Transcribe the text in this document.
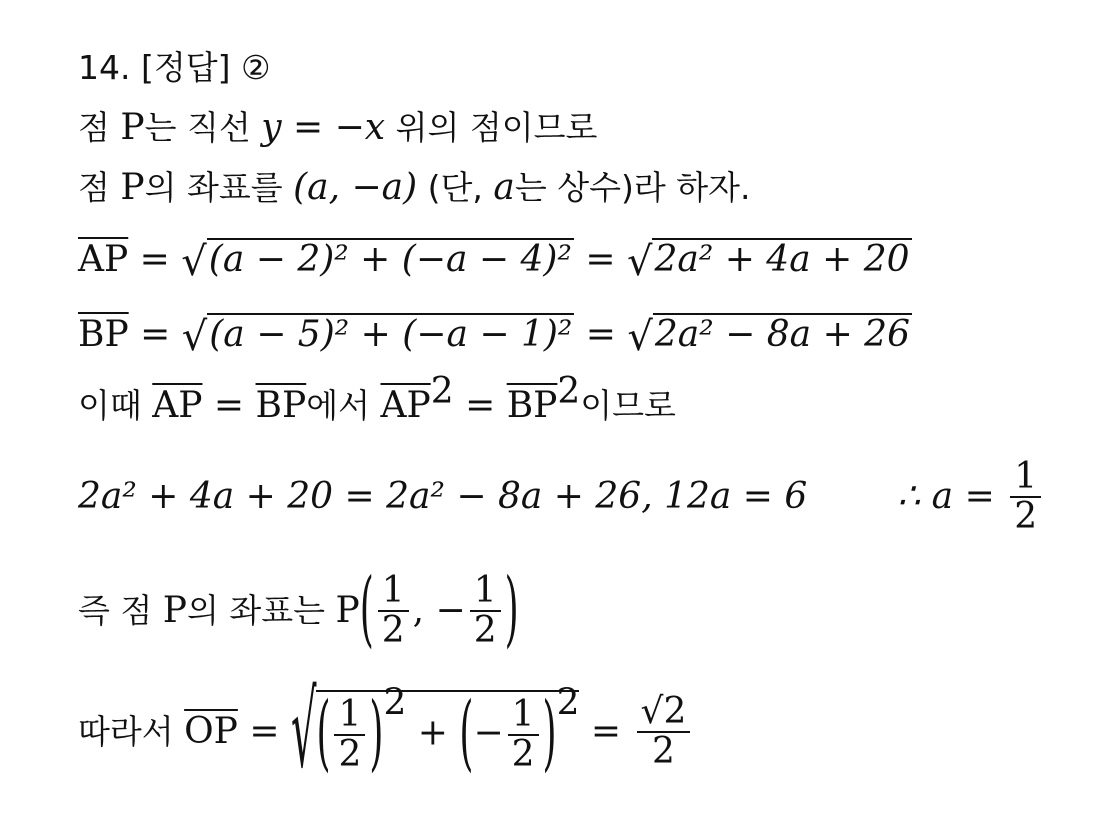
14. [정답] ②
점 P는 직선 y = −x 위의 점이므로
점 P의 좌표를 (a, −a) (단, a는 상수)라 하자.
$\overline{AP} = √(a - 2)^2 + (-a - 4)^2 = √2a^2 + 4a + 20$
$\overline{BP} = √(a - 5)^2 + (-a - 1)^2 = √2a^2 - 8a + 26$
이때 $\overline{AP} = \overline{BP}$에서 $\overline{AP}^2 = \overline{BP}^2$이므로
2a² + 4a + 20 = 2a² − 8a + 26, 12a = 6	∴ $a = \frac{1}{2}$
즉 점 P의 좌표는 $P( \frac{1}{2}$ , − $\frac{1}{2}$ )
따라서 $\overline{OP}$ = √( $\frac{1}{2} )^2$ + (− $\frac{1}{2} )^2 = \frac{√2}{2}$
